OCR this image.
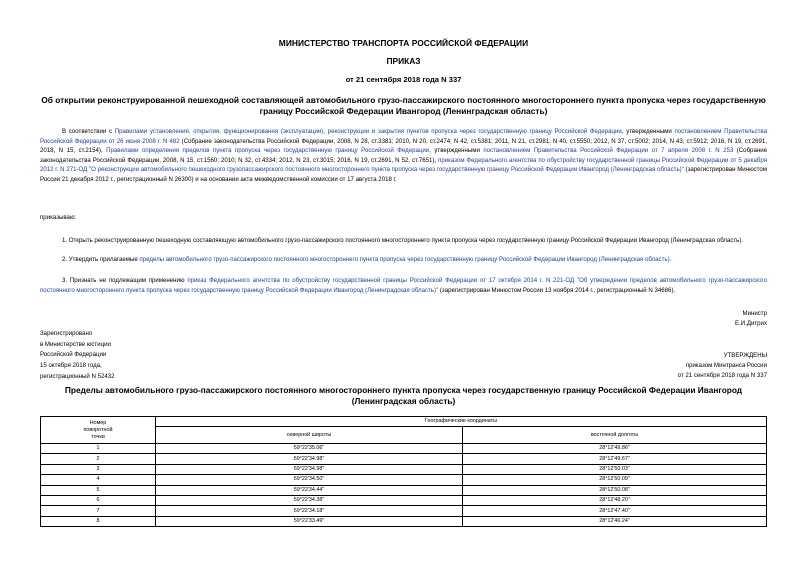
МИНИСТЕРСТВО ТРАНСПОРТА РОССИЙСКОЙ ФЕДЕРАЦИИ
ПРИКАЗ
от 21 сентября 2018 года N 337
Об открытии реконструированной пешеходной составляющей автомобильного грузо-пассажирского постоянного многостороннего пункта пропуска через государственную границу Российской Федерации Ивангород (Ленинградская область)
В соответствии с Правилами установления, открытия, функционирования (эксплуатации), реконструкции и закрытия пунктов пропуска через государственную границу Российской Федерации, утвержденными постановлением Правительства Российской Федерации от 26 июня 2008 г. N 482 (Собрание законодательства Российской Федерации, 2008, N 28, ст.3381; 2010, N 20, ст.2474; N 42, ст.5381; 2011, N 21, ст.2981; N 40, ст.5550; 2012, N 37, ст.5002; 2014, N 43, ст.5912; 2016, N 19, ст.2691, 2018, N 15, ст.2154), Правилами определения пределов пункта пропуска через государственную границу Российской Федерации, утвержденными постановлением Правительства Российской Федерации от 7 апреля 2008 г. N 253 (Собрание законодательства Российской Федерации, 2008, N 15, ст.1560; 2010; N 32, ст.4334; 2012, N 23, ст.3015; 2016, N 19, ст.2691, N 52, ст.7651), приказом Федерального агентства по обустройству государственной границы Российской Федерации от 5 декабря 2012 г. N 271-ОД "О реконструкции автомобильного пешеходного грузопассажирского постоянного многостороннего пункта пропуска через государственную границу Российской Федерации Ивангород (Ленинградская область)" (зарегистрирован Минюстом России 21 декабря 2012 г., регистрационный N 26300) и на основании акта межведомственной комиссии от 17 августа 2018 г.
приказываю:
1. Открыть реконструированную пешеходную составляющую автомобильного грузо-пассажирского постоянного многостороннего пункта пропуска через государственную границу Российской Федерации Ивангород (Ленинградская область).
2. Утвердить прилагаемые пределы автомобильного грузо-пассажирского постоянного многостороннего пункта пропуска через государственную границу Российской Федерации Ивангород (Ленинградская область).
3. Признать не подлежащим применению приказ Федерального агентства по обустройству государственной границы Российской Федерации от 17 октября 2014 г. N 221-ОД "Об утверждении пределов автомобильного грузо-пассажирского постоянного многостороннего пункта пропуска через государственную границу Российской Федерации Ивангород (Ленинградская область)" (зарегистрирован Минюстом России 13 ноября 2014 г., регистрационный N 34686).
Министр
Е.И.Дитрих
Зарегистрировано
в Министерстве юстиции
Российской Федерации
15 октября 2018 года,
регистрационный N 52432
УТВЕРЖДЕНЫ
приказом Минтранса России
от 21 сентября 2018 года N 337
Пределы автомобильного грузо-пассажирского постоянного многостороннего пункта пропуска через государственную границу Российской Федерации Ивангород (Ленинградская область)
Номер
поворотной
точки	Географические координаты	
	северной широты	восточной долготы
1	59°22'35.06"	28°12'49.86"
2	59°22'34.98"	28°12'49.67"
3	59°22'34.98"	28°12'50.03"
4	59°22'34.50"	28°12'50.09"
5	59°22'34.44"	28°12'50.08"
6	59°22'34.38"	28°12'48.20"
7	59°22'34.18"	28°12'47.40"
8	59°22'33.49"	28°12'46.24"
